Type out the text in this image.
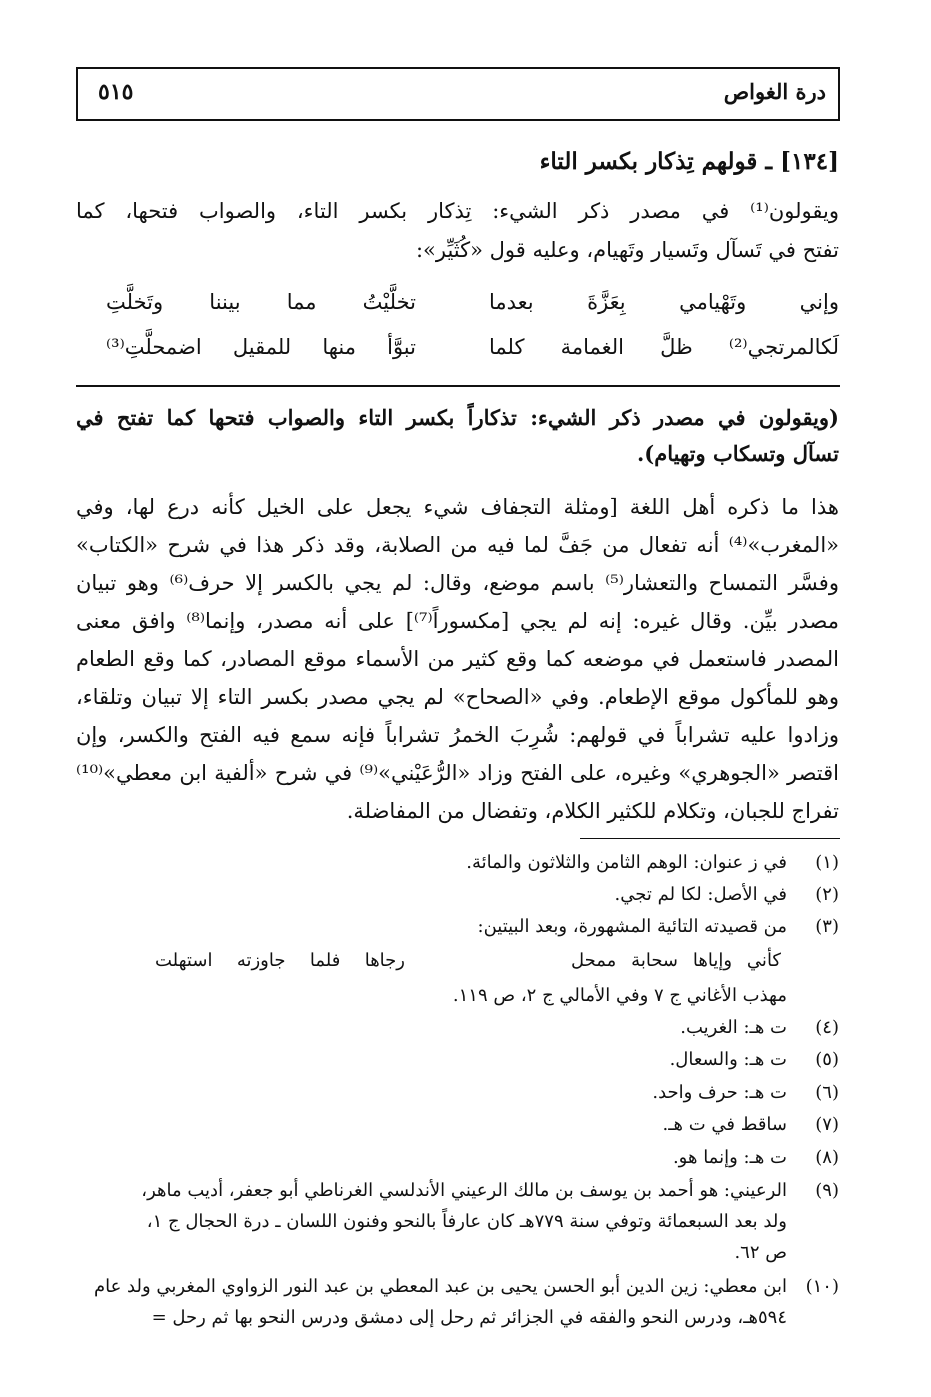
درة الغواص
٥١٥
[١٣٤] ـ قولهم تِذكار بكسر التاء
ويقولون⁽¹⁾ في مصدر ذكر الشيء: تِذكار بكسر التاء، والصواب فتحها، كما
تفتح في تَسآل وتَسيار وتَهيام، وعليه قول «كُثَيِّر»:
وإني وتَهْيامي بِعَزَّةَ بعدما
تخلَّيْتُ مما بيننا وتَخلَّتِ
لَكالمرتجي⁽²⁾ ظلَّ الغمامة كلما
تبوَّأ منها للمقيل اضمحلَّتِ⁽³⁾
(ويقولون في مصدر ذكر الشيء: تذكاراً بكسر التاء والصواب فتحها كما تفتح في
تسآل وتسكاب وتهيام).
هذا ما ذكره أهل اللغة [ومثلة التجفاف شيء يجعل على الخيل كأنه درع لها، وفي
«المغرب»⁽⁴⁾ أنه تفعال من جَفَّ لما فيه من الصلابة، وقد ذكر هذا في شرح «الكتاب»
وفسَّر التمساح والتعشار⁽⁵⁾ باسم موضع، وقال: لم يجي بالكسر إلا حرف⁽⁶⁾ وهو تبيان
مصدر بيِّن. وقال غيره: إنه لم يجي [مكسوراً⁽⁷⁾] على أنه مصدر، وإنما⁽⁸⁾ وافق معنى
المصدر فاستعمل في موضعه كما وقع كثير من الأسماء موقع المصادر، كما وقع الطعام
وهو للمأكول موقع الإطعام. وفي «الصحاح» لم يجي مصدر بكسر التاء إلا تبيان وتلقاء،
وزادوا عليه تشراباً في قولهم: شُرِبَ الخمرُ تشراباً فإنه سمع فيه الفتح والكسر، وإن
اقتصر «الجوهري» وغيره، على الفتح وزاد «الرُّعَيْني»⁽⁹⁾ في شرح «ألفية ابن معطي»⁽¹⁰⁾
تفراج للجبان، وتكلام للكثير الكلام، وتفضال من المفاضلة.
(١)في ز عنوان: الوهم الثامن والثلاثون والمائة.
(٢)في الأصل: لكا لم تجي.
(٣)من قصيدته التائية المشهورة، وبعد البيتين:
كأني وإياها سحابة ممحل
رجاها فلما جاوزته استهلت
مهذب الأغاني ج ٧ وفي الأمالي ج ٢، ص ١١٩.
(٤)ت هـ: الغريب.
(٥)ت هـ: والسعال.
(٦)ت هـ: حرف واحد.
(٧)ساقط في ت هـ.
(٨)ت هـ: وإنما هو.
(٩)الرعيني: هو أحمد بن يوسف بن مالك الرعيني الأندلسي الغرناطي أبو جعفر، أديب ماهر،
ولد بعد السبعمائة وتوفي سنة ٧٧٩هـ كان عارفاً بالنحو وفنون اللسان ـ درة الحجال ج ١،
ص ٦٢.
(١٠)ابن معطي: زين الدين أبو الحسن يحيى بن عبد المعطي بن عبد النور الزواوي المغربي ولد عام
٥٩٤هـ، ودرس النحو والفقه في الجزائر ثم رحل إلى دمشق ودرس النحو بها ثم رحل =
